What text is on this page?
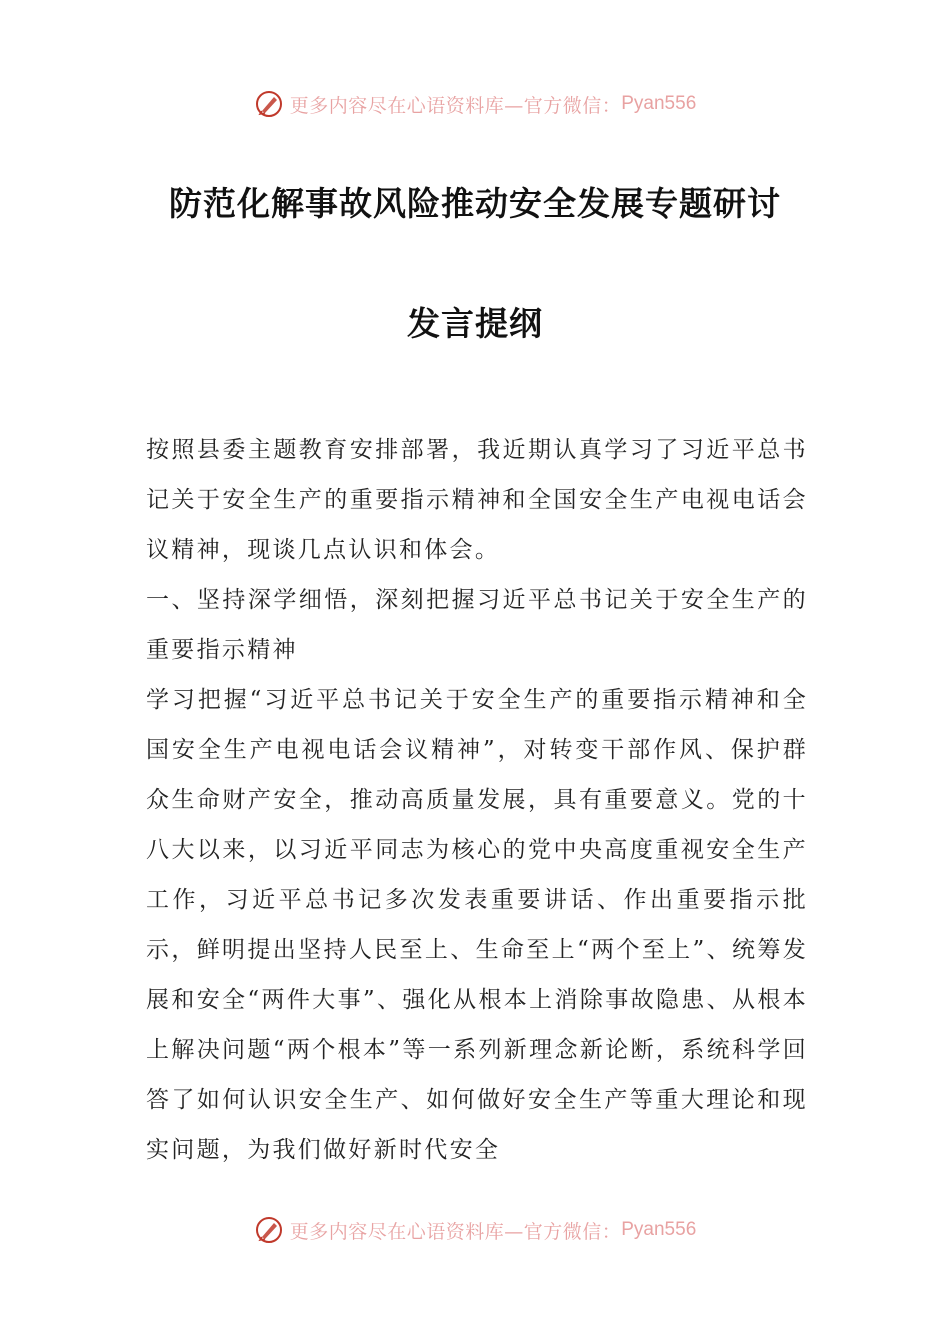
更多内容尽在心语资料库—官方微信： Pyan556
防范化解事故风险推动安全发展专题研讨
发言提纲

按照县委主题教育安排部署，我近期认真学习了习近平总书记关于安全生产的重要指示精神和全国安全生产电视电话会议精神，现谈几点认识和体会。

一、坚持深学细悟，深刻把握习近平总书记关于安全生产的重要指示精神

学习把握“习近平总书记关于安全生产的重要指示精神和全国安全生产电视电话会议精神”，对转变干部作风、保护群众生命财产安全，推动高质量发展，具有重要意义。党的十八大以来，以习近平同志为核心的党中央高度重视安全生产工作，习近平总书记多次发表重要讲话、作出重要指示批示，鲜明提出坚持人民至上、生命至上“两个至上”、统筹发展和安全“两件大事”、强化从根本上消除事故隐患、从根本上解决问题“两个根本”等一系列新理念新论断，系统科学回答了如何认识安全生产、如何做好安全生产等重大理论和现实问题，为我们做好新时代安全

更多内容尽在心语资料库—官方微信： Pyan556
